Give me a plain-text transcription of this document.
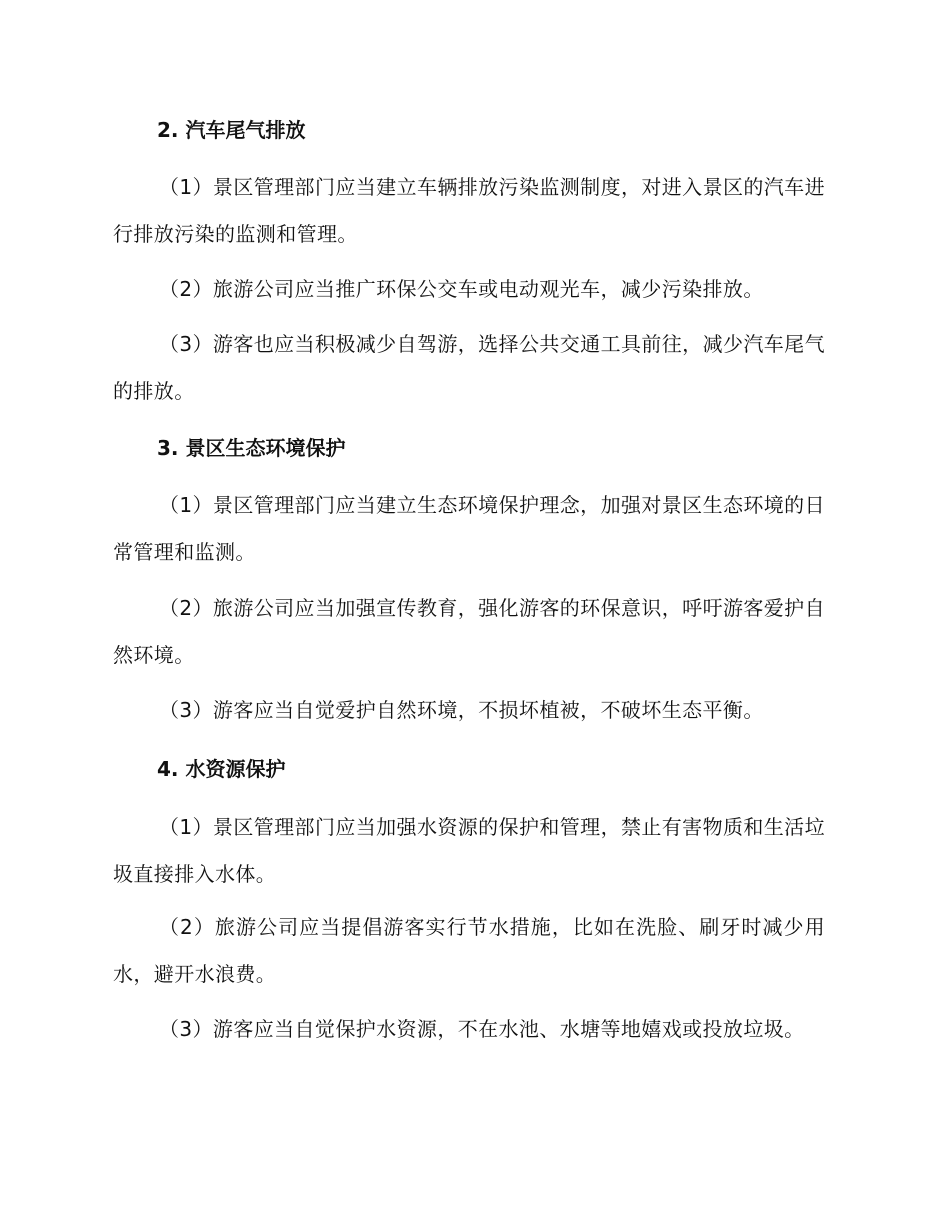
2. 汽车尾气排放

（1）景区管理部门应当建立车辆排放污染监测制度，对进入景区的汽车进行排放污染的监测和管理。

（2）旅游公司应当推广环保公交车或电动观光车，减少污染排放。

（3）游客也应当积极减少自驾游，选择公共交通工具前往，减少汽车尾气的排放。

3. 景区生态环境保护

（1）景区管理部门应当建立生态环境保护理念，加强对景区生态环境的日常管理和监测。

（2）旅游公司应当加强宣传教育，强化游客的环保意识，呼吁游客爱护自然环境。

（3）游客应当自觉爱护自然环境，不损坏植被，不破坏生态平衡。

4. 水资源保护

（1）景区管理部门应当加强水资源的保护和管理，禁止有害物质和生活垃圾直接排入水体。

（2）旅游公司应当提倡游客实行节水措施，比如在洗脸、刷牙时减少用水，避开水浪费。

（3）游客应当自觉保护水资源，不在水池、水塘等地嬉戏或投放垃圾。
